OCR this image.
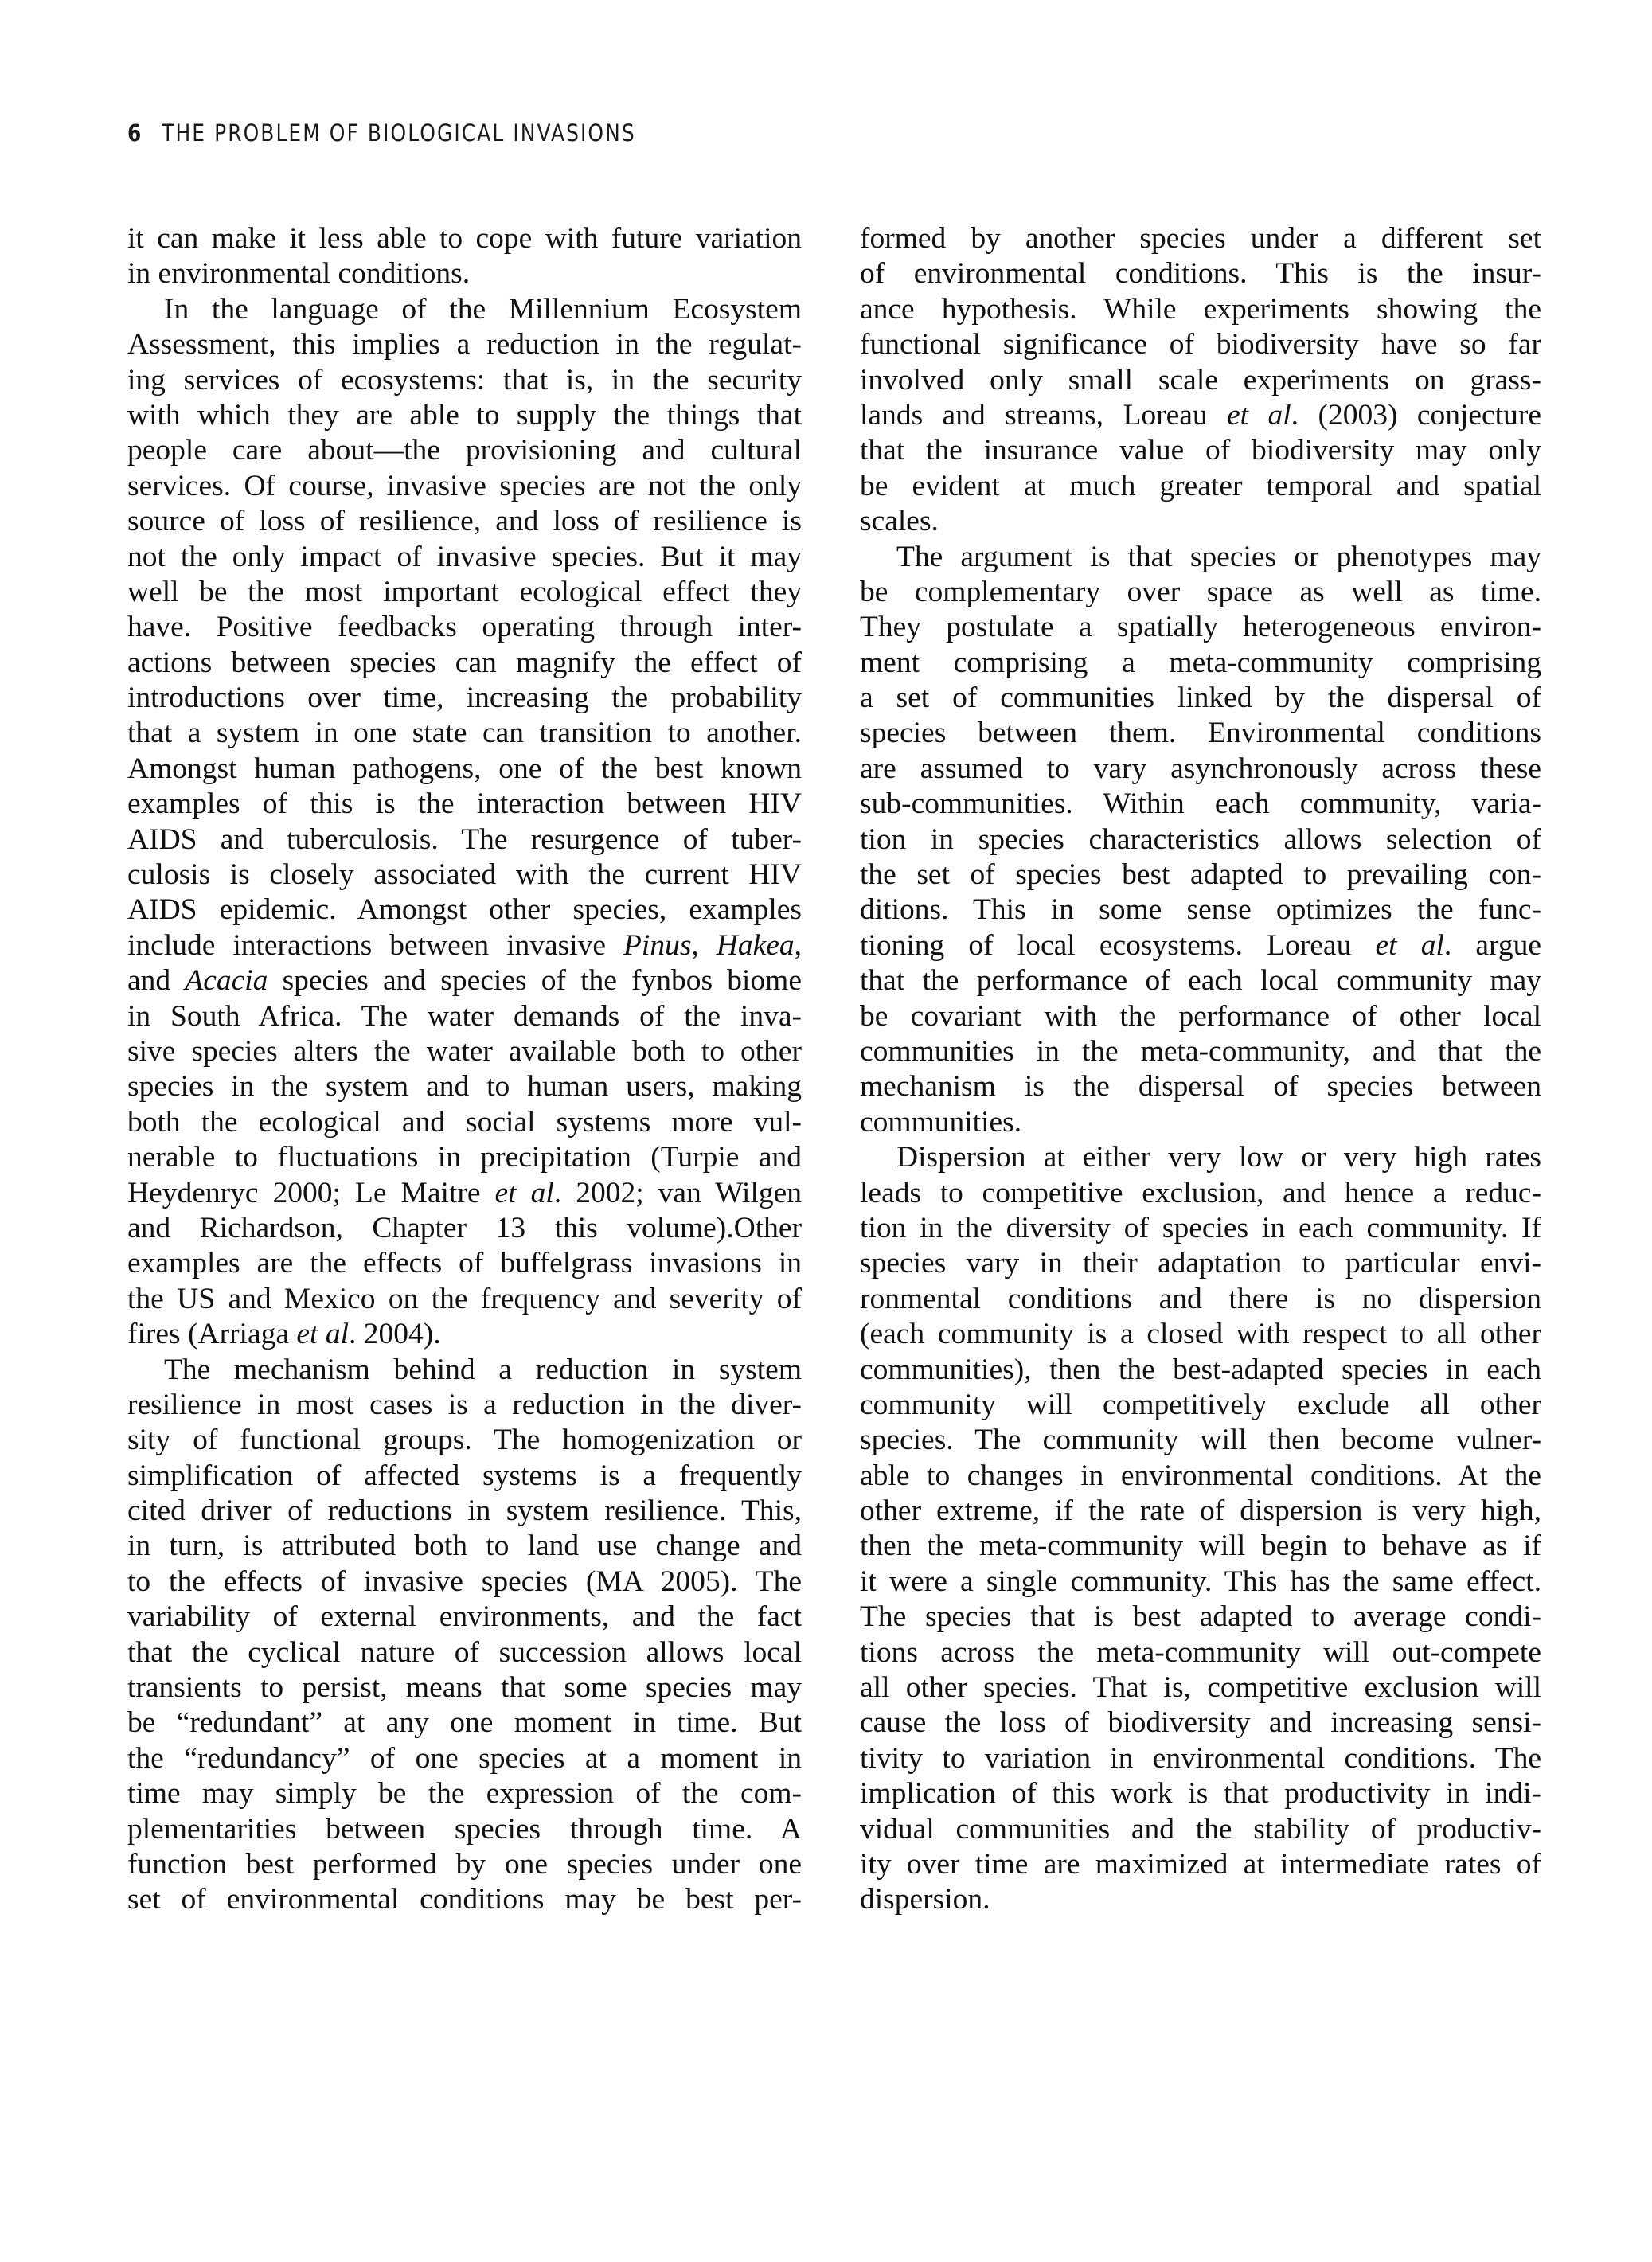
6 THE PROBLEM OF BIOLOGICAL INVASIONS
it can make it less able to cope with future variation
in environmental conditions.
In the language of the Millennium Ecosystem
Assessment, this implies a reduction in the regulat-
ing services of ecosystems: that is, in the security
with which they are able to supply the things that
people care about—the provisioning and cultural
services. Of course, invasive species are not the only
source of loss of resilience, and loss of resilience is
not the only impact of invasive species. But it may
well be the most important ecological effect they
have. Positive feedbacks operating through inter-
actions between species can magnify the effect of
introductions over time, increasing the probability
that a system in one state can transition to another.
Amongst human pathogens, one of the best known
examples of this is the interaction between HIV
AIDS and tuberculosis. The resurgence of tuber-
culosis is closely associated with the current HIV
AIDS epidemic. Amongst other species, examples
include interactions between invasive Pinus, Hakea,
and Acacia species and species of the fynbos biome
in South Africa. The water demands of the inva-
sive species alters the water available both to other
species in the system and to human users, making
both the ecological and social systems more vul-
nerable to fluctuations in precipitation (Turpie and
Heydenryc 2000; Le Maitre et al. 2002; van Wilgen
and Richardson, Chapter 13 this volume).Other
examples are the effects of buffelgrass invasions in
the US and Mexico on the frequency and severity of
fires (Arriaga et al. 2004).
The mechanism behind a reduction in system
resilience in most cases is a reduction in the diver-
sity of functional groups. The homogenization or
simplification of affected systems is a frequently
cited driver of reductions in system resilience. This,
in turn, is attributed both to land use change and
to the effects of invasive species (MA 2005). The
variability of external environments, and the fact
that the cyclical nature of succession allows local
transients to persist, means that some species may
be “redundant” at any one moment in time. But
the “redundancy” of one species at a moment in
time may simply be the expression of the com-
plementarities between species through time. A
function best performed by one species under one
set of environmental conditions may be best per-
formed by another species under a different set
of environmental conditions. This is the insur-
ance hypothesis. While experiments showing the
functional significance of biodiversity have so far
involved only small scale experiments on grass-
lands and streams, Loreau et al. (2003) conjecture
that the insurance value of biodiversity may only
be evident at much greater temporal and spatial
scales.
The argument is that species or phenotypes may
be complementary over space as well as time.
They postulate a spatially heterogeneous environ-
ment comprising a meta-community comprising
a set of communities linked by the dispersal of
species between them. Environmental conditions
are assumed to vary asynchronously across these
sub-communities. Within each community, varia-
tion in species characteristics allows selection of
the set of species best adapted to prevailing con-
ditions. This in some sense optimizes the func-
tioning of local ecosystems. Loreau et al. argue
that the performance of each local community may
be covariant with the performance of other local
communities in the meta-community, and that the
mechanism is the dispersal of species between
communities.
Dispersion at either very low or very high rates
leads to competitive exclusion, and hence a reduc-
tion in the diversity of species in each community. If
species vary in their adaptation to particular envi-
ronmental conditions and there is no dispersion
(each community is a closed with respect to all other
communities), then the best-adapted species in each
community will competitively exclude all other
species. The community will then become vulner-
able to changes in environmental conditions. At the
other extreme, if the rate of dispersion is very high,
then the meta-community will begin to behave as if
it were a single community. This has the same effect.
The species that is best adapted to average condi-
tions across the meta-community will out-compete
all other species. That is, competitive exclusion will
cause the loss of biodiversity and increasing sensi-
tivity to variation in environmental conditions. The
implication of this work is that productivity in indi-
vidual communities and the stability of productiv-
ity over time are maximized at intermediate rates of
dispersion.
